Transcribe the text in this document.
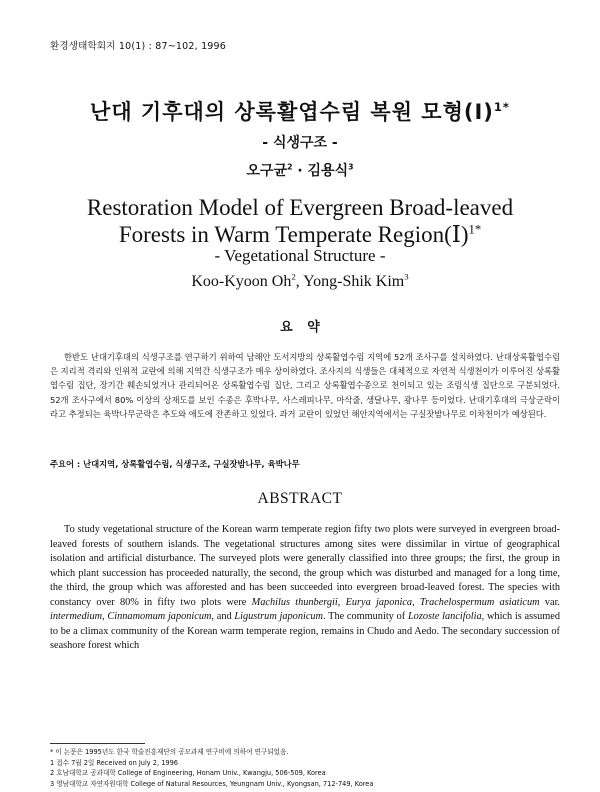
환경생태학회지 10(1) : 87~102, 1996
난대 기후대의 상록활엽수림 복원 모형(Ⅰ)$^{1*}$
- 식생구조 -
오구균$^2$ · 김용식$^3$
Restoration Model of Evergreen Broad-leaved
Forests in Warm Temperate Region(Ⅰ)$^{1*}$
- Vegetational Structure -
Koo-Kyoon Oh$^2$, Yong-Shik Kim$^3$
요 약

한반도 난대기후대의 식생구조를 연구하기 위하여 남해안 도서지방의 상록활엽수림 지역에 52개 조사구를 설치하였다. 난대상록활엽수림은 지리적 격리와 인위적 교란에 의해 지역간 식생구조가 매우 상이하였다. 조사지의 식생들은 대체적으로 자연적 식생천이가 이루어진 상록활엽수림 집단, 장기간 훼손되었거나 관리되어온 상록활엽수림 집단, 그리고 상록활엽수종으로 천이되고 있는 조림식생 집단으로 구분되었다. 52개 조사구에서 80% 이상의 상재도를 보인 수종은 후박나무, 사스레피나무, 마삭줄, 생달나무, 광나무 등이었다. 난대기후대의 극상군락이라고 추정되는 육박나무군락은 추도와 애도에 잔존하고 있었다. 과거 교란이 있었던 해안지역에서는 구실잣밤나무로 이차천이가 예상된다.

주요어 : 난대지역, 상록활엽수림, 식생구조, 구실잣밤나무, 육박나무
ABSTRACT

To study vegetational structure of the Korean warm temperate region fifty two plots were surveyed in evergreen broad-leaved forests of southern islands. The vegetational structures among sites were dissimilar in virtue of geographical isolation and artificial disturbance. The surveyed plots were generally classified into three groups; the first, the group in which plant succession has proceeded naturally, the second, the group which was disturbed and managed for a long time, the third, the group which was afforested and has been succeeded into evergreen broad-leaved forest. The species with constancy over 80% in fifty two plots were Machilus thunbergii, Eurya japonica, Trachelospermum asiaticum var. intermedium, Cinnamomum japonicum, and Ligustrum japonicum. The community of Lozoste lancifolia, which is assumed to be a climax community of the Korean warm temperate region, remains in Chudo and Aedo. The secondary succession of seashore forest which

* 이 논문은 1995년도 한국 학술진흥재단의 공모과제 연구비에 의하여 연구되었음.
1 접수 7월 2일 Received on July 2, 1996
2 호남대학교 공과대학 College of Engineering, Honam Univ., Kwangju, 506-509, Korea
3 영남대학교 자연자원대학 College of Natural Resources, Yeungnam Univ., Kyongsan, 712-749, Korea
